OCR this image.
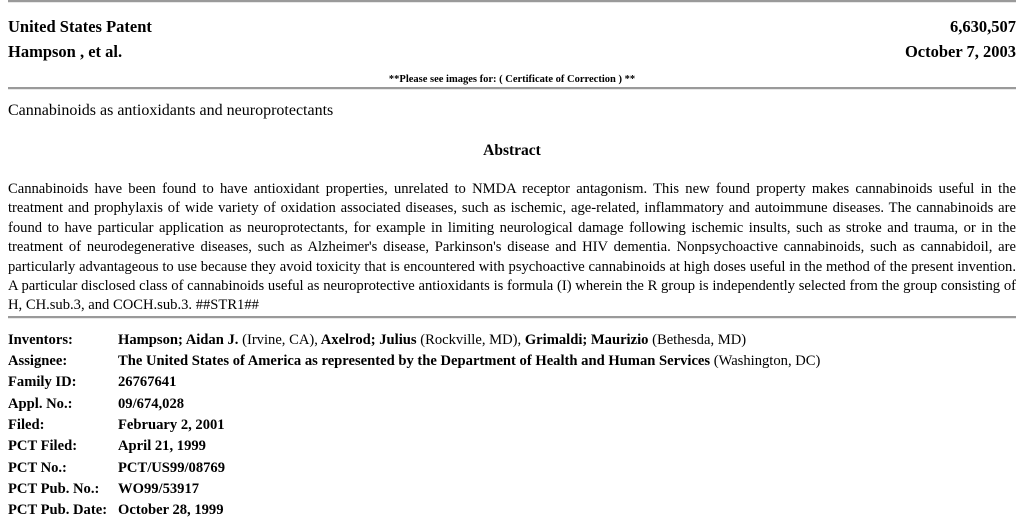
United States Patent	6,630,507
Hampson , et al.	October 7, 2003
**Please see images for: ( Certificate of Correction ) **
Cannabinoids as antioxidants and neuroprotectants
Abstract
Cannabinoids have been found to have antioxidant properties, unrelated to NMDA receptor antagonism. This new found property makes cannabinoids useful in the treatment and prophylaxis of wide variety of oxidation associated diseases, such as ischemic, age-related, inflammatory and autoimmune diseases. The cannabinoids are found to have particular application as neuroprotectants, for example in limiting neurological damage following ischemic insults, such as stroke and trauma, or in the treatment of neurodegenerative diseases, such as Alzheimer's disease, Parkinson's disease and HIV dementia. Nonpsychoactive cannabinoids, such as cannabidoil, are particularly advantageous to use because they avoid toxicity that is encountered with psychoactive cannabinoids at high doses useful in the method of the present invention. A particular disclosed class of cannabinoids useful as neuroprotective antioxidants is formula (I) wherein the R group is independently selected from the group consisting of H, CH.sub.3, and COCH.sub.3. ##STR1##
Inventors:	Hampson; Aidan J. (Irvine, CA), Axelrod; Julius (Rockville, MD), Grimaldi; Maurizio (Bethesda, MD)
Assignee:	The United States of America as represented by the Department of Health and Human Services (Washington, DC)
Family ID:	26767641
Appl. No.:	09/674,028
Filed:	February 2, 2001
PCT Filed:	April 21, 1999
PCT No.:	PCT/US99/08769
PCT Pub. No.:	WO99/53917
PCT Pub. Date: October 28, 1999
